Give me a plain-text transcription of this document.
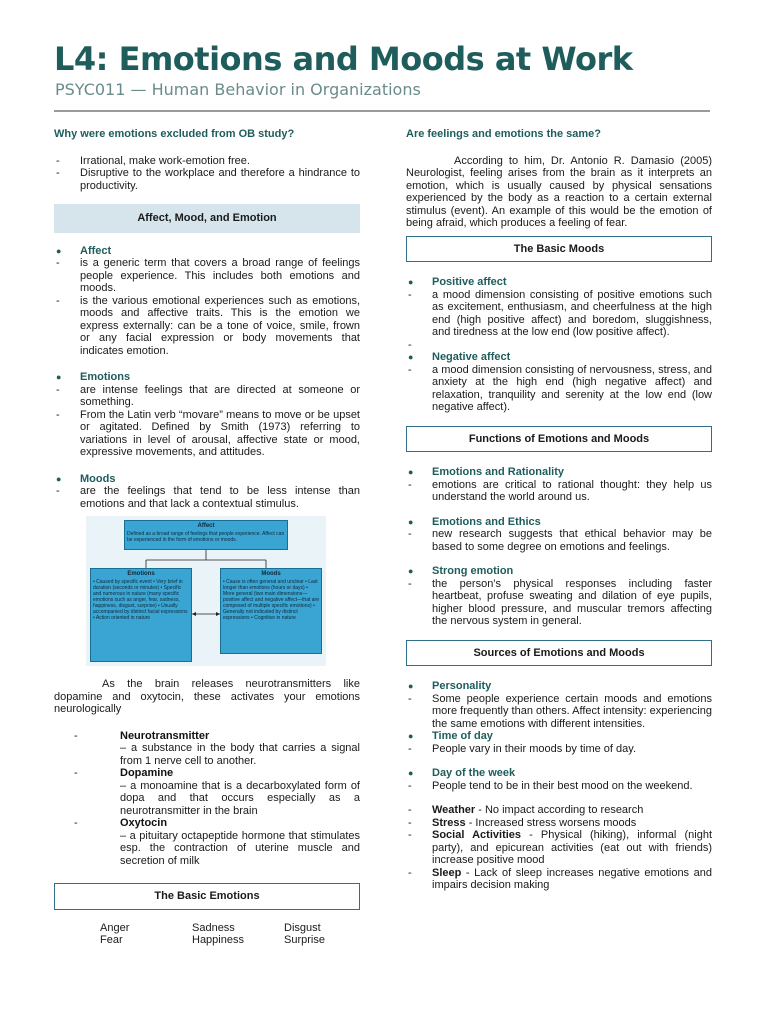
L4: Emotions and Moods at Work
PSYC011 — Human Behavior in Organizations
Why were emotions excluded from OB study?
-	Irrational, make work-emotion free.
-	Disruptive to the workplace and therefore a hindrance to productivity.
Affect, Mood, and Emotion
●	Affect
-	is a generic term that covers a broad range of feelings people experience. This includes both emotions and moods.
-	is the various emotional experiences such as emotions, moods and affective traits. This is the emotion we express externally: can be a tone of voice, smile, frown or any facial expression or body movements that indicates emotion.
●	Emotions
-	are intense feelings that are directed at someone or something.
-	From the Latin verb “movare” means to move or be upset or agitated. Defined by Smith (1973) referring to variations in level of arousal, affective state or mood, expressive movements, and attitudes.
●	Moods
-	are the feelings that tend to be less intense than emotions and that lack a contextual stimulus.
Affect
Defined as a broad range of feelings that people experience. Affect can be experienced in the form of emotions or moods.
Emotions
• Caused by specific event • Very brief in duration (seconds or minutes) • Specific and numerous in nature (many specific emotions such as anger, fear, sadness, happiness, disgust, surprise) • Usually accompanied by distinct facial expressions • Action oriented in nature
Moods
• Cause is often general and unclear • Last longer than emotions (hours or days) • More general (two main dimensions—positive affect and negative affect—that are composed of multiple specific emotions) • Generally not indicated by distinct expressions • Cognitive in nature
As the brain releases neurotransmitters like dopamine and oxytocin, these activates your emotions neurologically
-	Neurotransmitter
– a substance in the body that carries a signal from 1 nerve cell to another.
-	Dopamine
– a monoamine that is a decarboxylated form of dopa and that occurs especially as a neurotransmitter in the brain
-	Oxytocin
– a pituitary octapeptide hormone that stimulates esp. the contraction of uterine muscle and secretion of milk
The Basic Emotions
Anger	Sadness	Disgust
Fear	Happiness	Surprise
Are feelings and emotions the same?
According to him, Dr. Antonio R. Damasio (2005) Neurologist, feeling arises from the brain as it interprets an emotion, which is usually caused by physical sensations experienced by the body as a reaction to a certain external stimulus (event). An example of this would be the emotion of being afraid, which produces a feeling of fear.
The Basic Moods
●	Positive affect
-	a mood dimension consisting of positive emotions such as excitement, enthusiasm, and cheerfulness at the high end (high positive affect) and boredom, sluggishness, and tiredness at the low end (low positive affect).
-
●	Negative affect
-	a mood dimension consisting of nervousness, stress, and anxiety at the high end (high negative affect) and relaxation, tranquility and serenity at the low end (low negative affect).
Functions of Emotions and Moods
●	Emotions and Rationality
-	emotions are critical to rational thought: they help us understand the world around us.
●	Emotions and Ethics
-	new research suggests that ethical behavior may be based to some degree on emotions and feelings.
●	Strong emotion
-	the person’s physical responses including faster heartbeat, profuse sweating and dilation of eye pupils, higher blood pressure, and muscular tremors affecting the nervous system in general.
Sources of Emotions and Moods
●	Personality
-	Some people experience certain moods and emotions more frequently than others. Affect intensity: experiencing the same emotions with different intensities.
●	Time of day
-	People vary in their moods by time of day.
●	Day of the week
-	People tend to be in their best mood on the weekend.
-	Weather - No impact according to research
-	Stress - Increased stress worsens moods
-	Social Activities - Physical (hiking), informal (night party), and epicurean activities (eat out with friends) increase positive mood
-	Sleep - Lack of sleep increases negative emotions and impairs decision making
